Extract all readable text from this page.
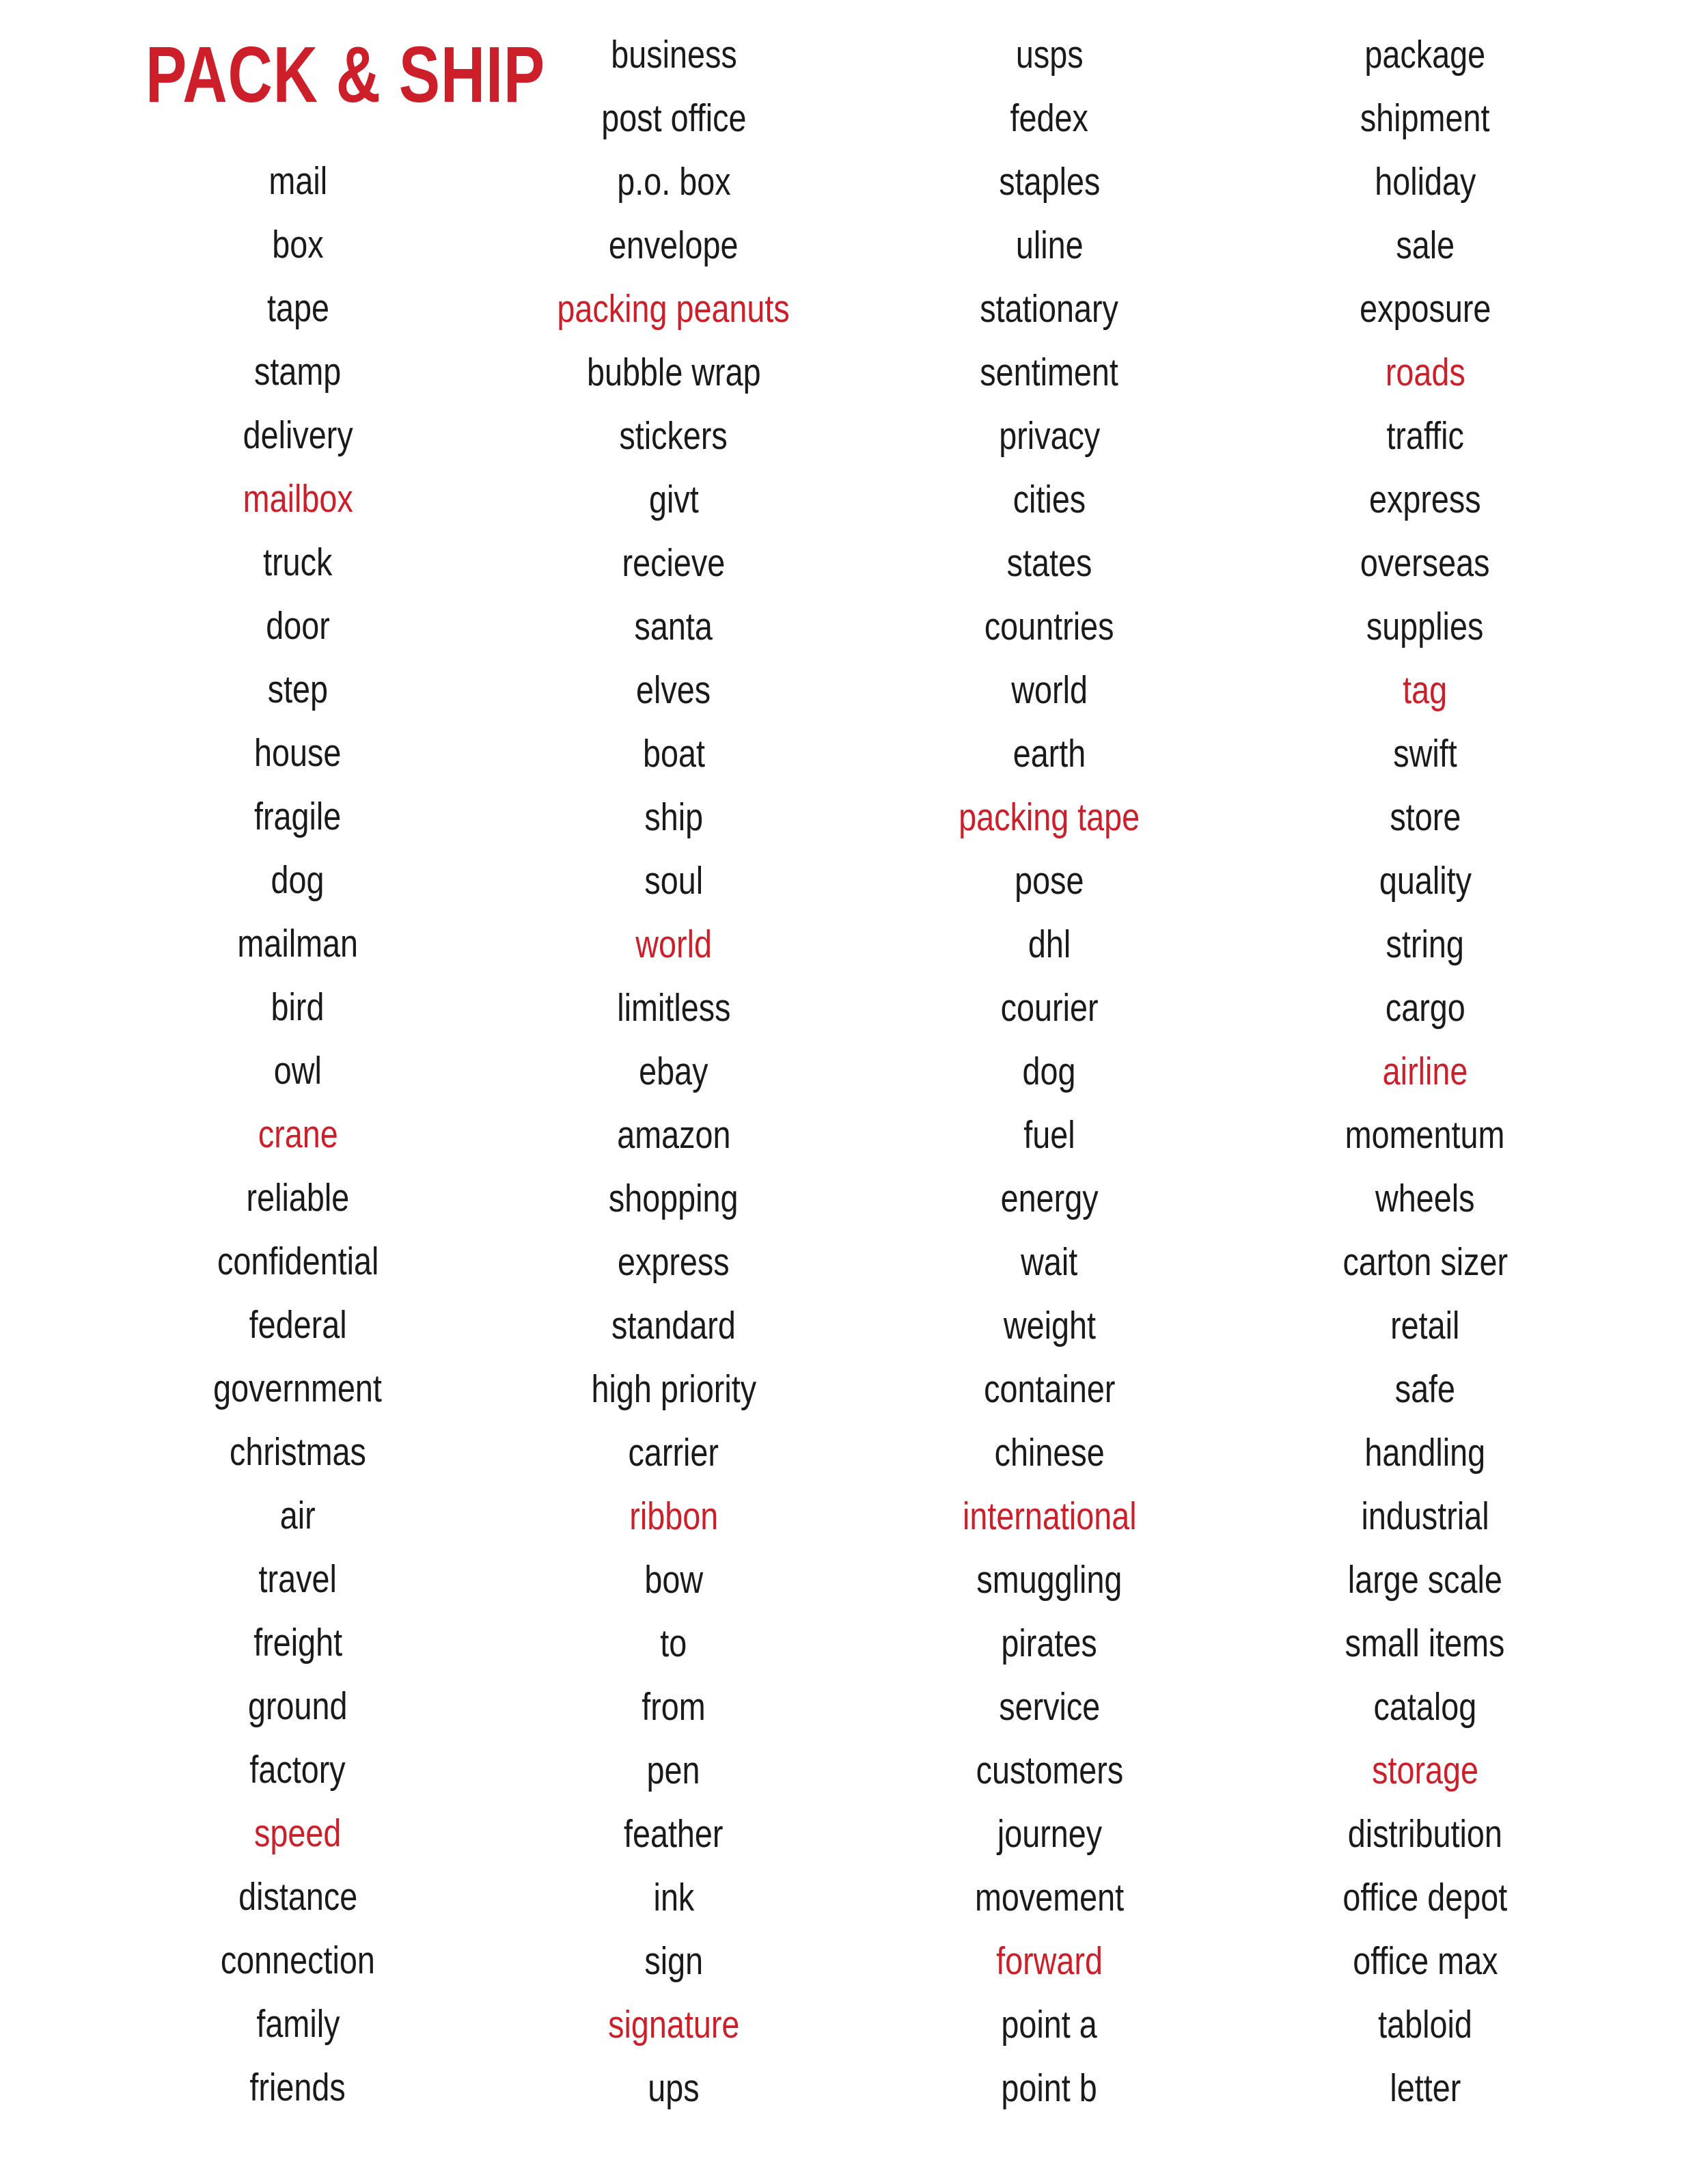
PACK & SHIP
mail
box
tape
stamp
delivery
mailbox
truck
door
step
house
fragile
dog
mailman
bird
owl
crane
reliable
confidential
federal
government
christmas
air
travel
freight
ground
factory
speed
distance
connection
family
friends
business
post office
p.o. box
envelope
packing peanuts
bubble wrap
stickers
givt
recieve
santa
elves
boat
ship
soul
world
limitless
ebay
amazon
shopping
express
standard
high priority
carrier
ribbon
bow
to
from
pen
feather
ink
sign
signature
ups
usps
fedex
staples
uline
stationary
sentiment
privacy
cities
states
countries
world
earth
packing tape
pose
dhl
courier
dog
fuel
energy
wait
weight
container
chinese
international
smuggling
pirates
service
customers
journey
movement
forward
point a
point b
package
shipment
holiday
sale
exposure
roads
traffic
express
overseas
supplies
tag
swift
store
quality
string
cargo
airline
momentum
wheels
carton sizer
retail
safe
handling
industrial
large scale
small items
catalog
storage
distribution
office depot
office max
tabloid
letter
